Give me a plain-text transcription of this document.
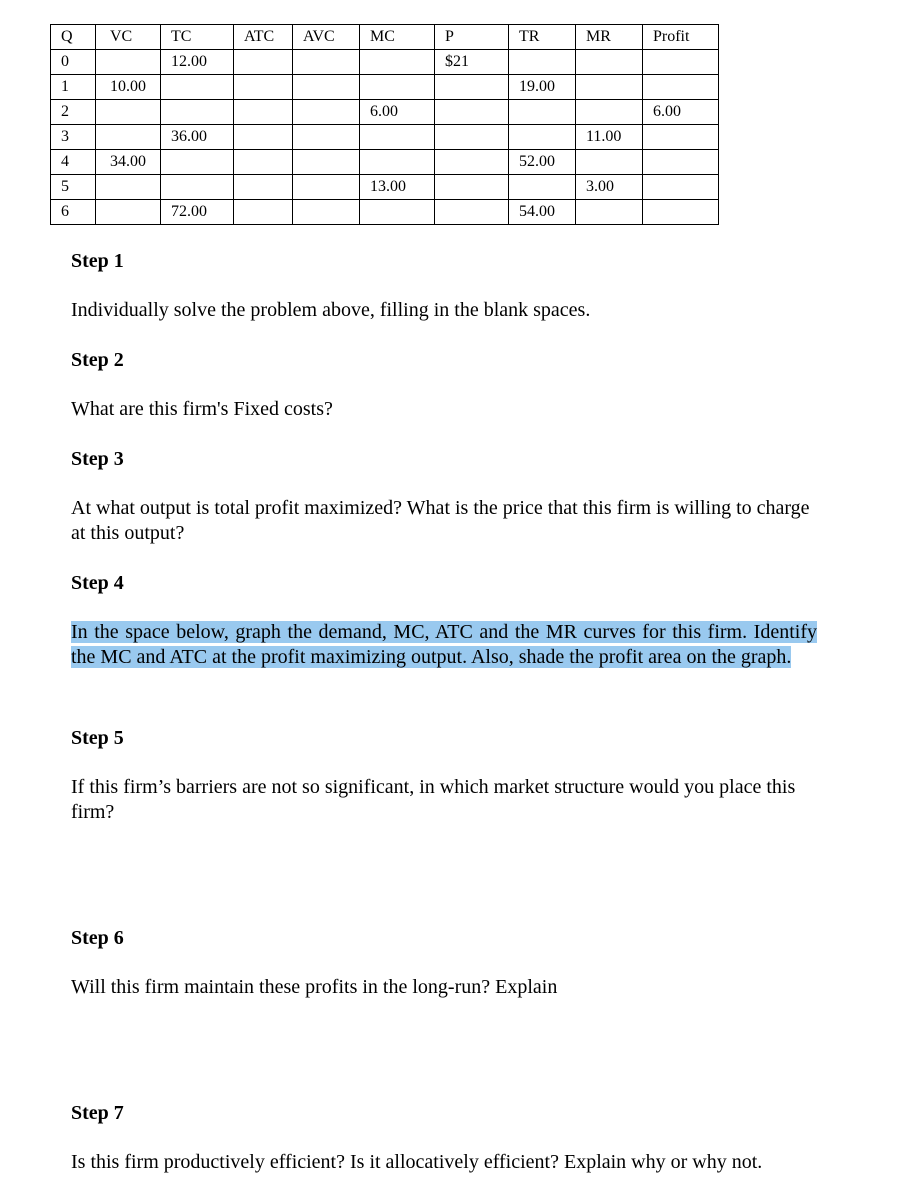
Q	VC	TC	ATC	AVC	MC	P	TR	MR	Profit
0		12.00				$21			
1	10.00						19.00		
2					6.00				6.00
3		36.00						11.00	
4	34.00						52.00		
5					13.00			3.00	
6		72.00					54.00		
Step 1

Individually solve the problem above, filling in the blank spaces.

Step 2

What are this firm's Fixed costs?

Step 3

At what output is total profit maximized? What is the price that this firm is willing to charge at this output?

Step 4

In the space below, graph the demand, MC, ATC and the MR curves for this firm. Identify the MC and ATC at the profit maximizing output. Also, shade the profit area on the graph.

Step 5

If this firm’s barriers are not so significant, in which market structure would you place this firm?

Step 6

Will this firm maintain these profits in the long-run? Explain

Step 7

Is this firm productively efficient? Is it allocatively efficient? Explain why or why not.
